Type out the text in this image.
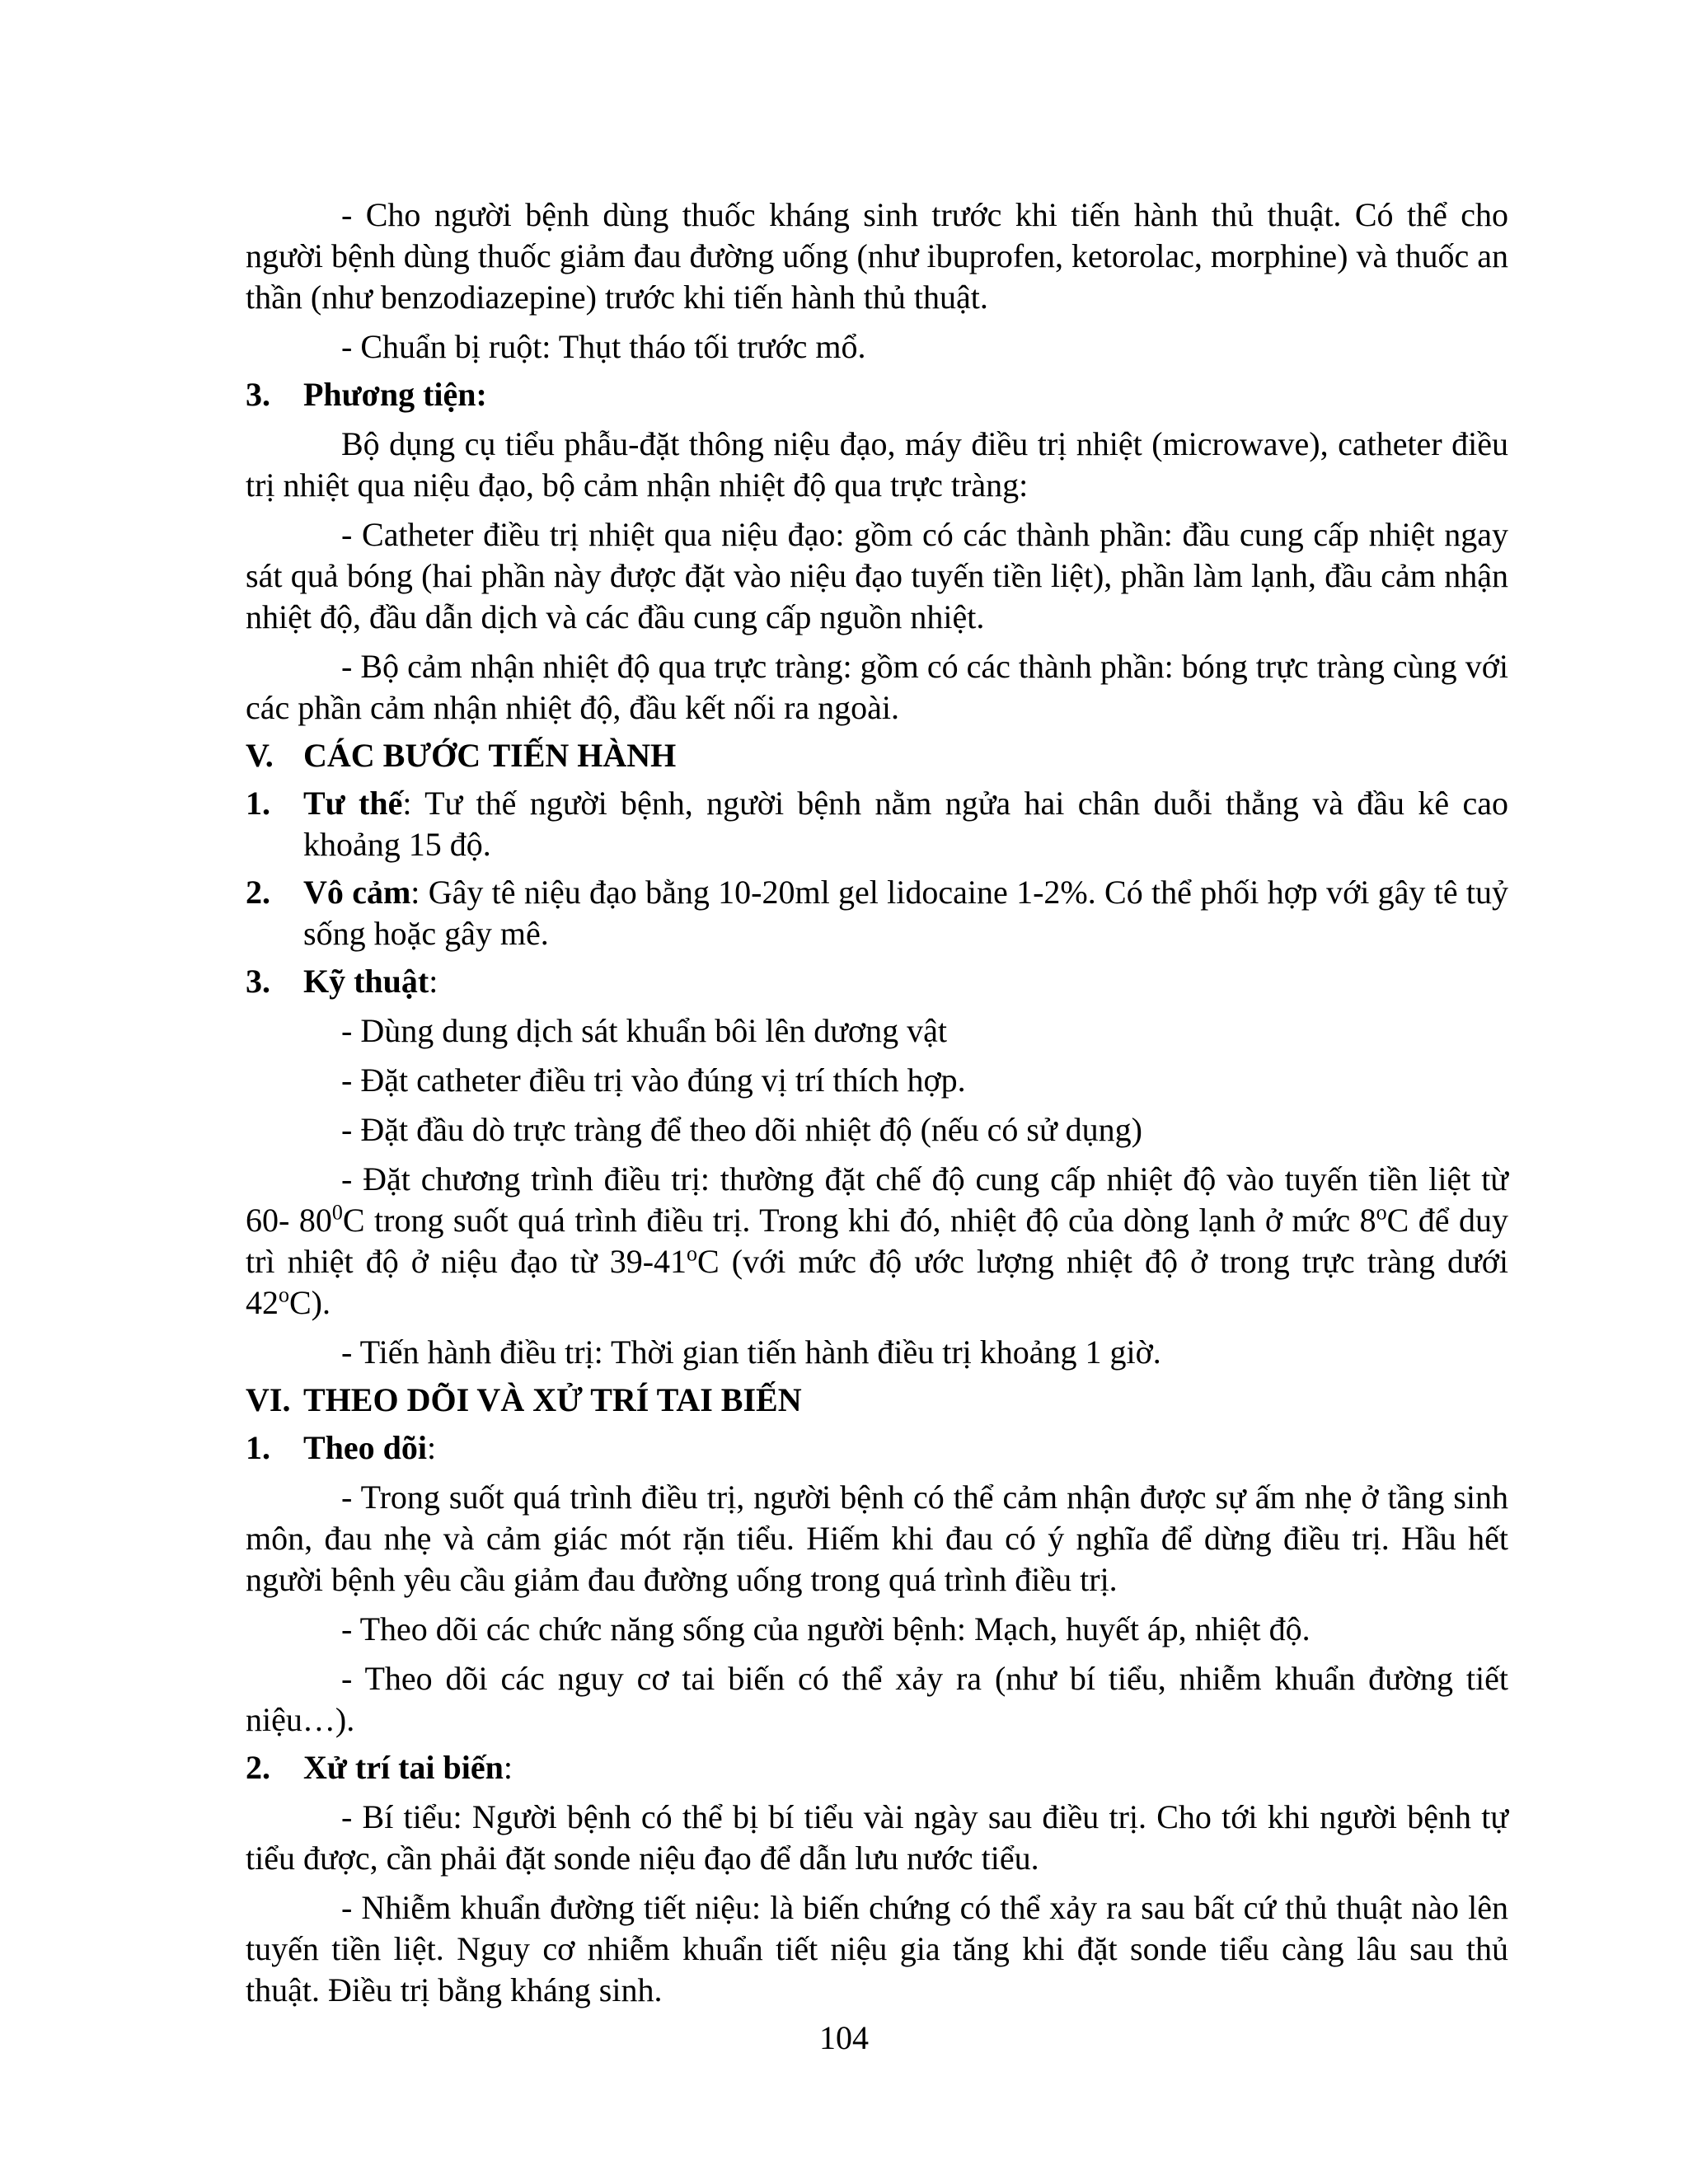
- Cho người bệnh dùng thuốc kháng sinh trước khi tiến hành thủ thuật. Có thể cho người bệnh dùng thuốc giảm đau đường uống (như ibuprofen, ketorolac, morphine) và thuốc an thần (như benzodiazepine) trước khi tiến hành thủ thuật.

- Chuẩn bị ruột: Thụt tháo tối trước mổ.

3.	Phương tiện:

Bộ dụng cụ tiểu phẫu-đặt thông niệu đạo, máy điều trị nhiệt (microwave), catheter điều trị nhiệt qua niệu đạo, bộ cảm nhận nhiệt độ qua trực tràng:

- Catheter điều trị nhiệt qua niệu đạo: gồm có các thành phần: đầu cung cấp nhiệt ngay sát quả bóng (hai phần này được đặt vào niệu đạo tuyến tiền liệt), phần làm lạnh, đầu cảm nhận nhiệt độ, đầu dẫn dịch và các đầu cung cấp nguồn nhiệt.

- Bộ cảm nhận nhiệt độ qua trực tràng: gồm có các thành phần: bóng trực tràng cùng với các phần cảm nhận nhiệt độ, đầu kết nối ra ngoài.

V. CÁC BƯỚC TIẾN HÀNH
1.	Tư thế: Tư thế người bệnh, người bệnh nằm ngửa hai chân duỗi thẳng và đầu kê cao khoảng 15 độ.
2.	Vô cảm: Gây tê niệu đạo bằng 10-20ml gel lidocaine 1-2%. Có thể phối hợp với gây tê tuỷ sống hoặc gây mê.
3.	Kỹ thuật:

- Dùng dung dịch sát khuẩn bôi lên dương vật

- Đặt catheter điều trị vào đúng vị trí thích hợp.

- Đặt đầu dò trực tràng để theo dõi nhiệt độ (nếu có sử dụng)

- Đặt chương trình điều trị: thường đặt chế độ cung cấp nhiệt độ vào tuyến tiền liệt từ 60- $80^0C$ trong suốt quá trình điều trị. Trong khi đó, nhiệt độ của dòng lạnh ở mức 8$^o$C để duy trì nhiệt độ ở niệu đạo từ 39-41$^o$C (với mức độ ước lượng nhiệt độ ở trong trực tràng dưới 42$^o$C).

- Tiến hành điều trị: Thời gian tiến hành điều trị khoảng 1 giờ.

VI. THEO DÕI VÀ XỬ TRÍ TAI BIẾN
1.	Theo dõi:

- Trong suốt quá trình điều trị, người bệnh có thể cảm nhận được sự ấm nhẹ ở tầng sinh môn, đau nhẹ và cảm giác mót rặn tiểu. Hiếm khi đau có ý nghĩa để dừng điều trị. Hầu hết người bệnh yêu cầu giảm đau đường uống trong quá trình điều trị.

- Theo dõi các chức năng sống của người bệnh: Mạch, huyết áp, nhiệt độ.

- Theo dõi các nguy cơ tai biến có thể xảy ra (như bí tiểu, nhiễm khuẩn đường tiết niệu…).

2.	Xử trí tai biến:

- Bí tiểu: Người bệnh có thể bị bí tiểu vài ngày sau điều trị. Cho tới khi người bệnh tự tiểu được, cần phải đặt sonde niệu đạo để dẫn lưu nước tiểu.

- Nhiễm khuẩn đường tiết niệu: là biến chứng có thể xảy ra sau bất cứ thủ thuật nào lên tuyến tiền liệt. Nguy cơ nhiễm khuẩn tiết niệu gia tăng khi đặt sonde tiểu càng lâu sau thủ thuật. Điều trị bằng kháng sinh.

104
